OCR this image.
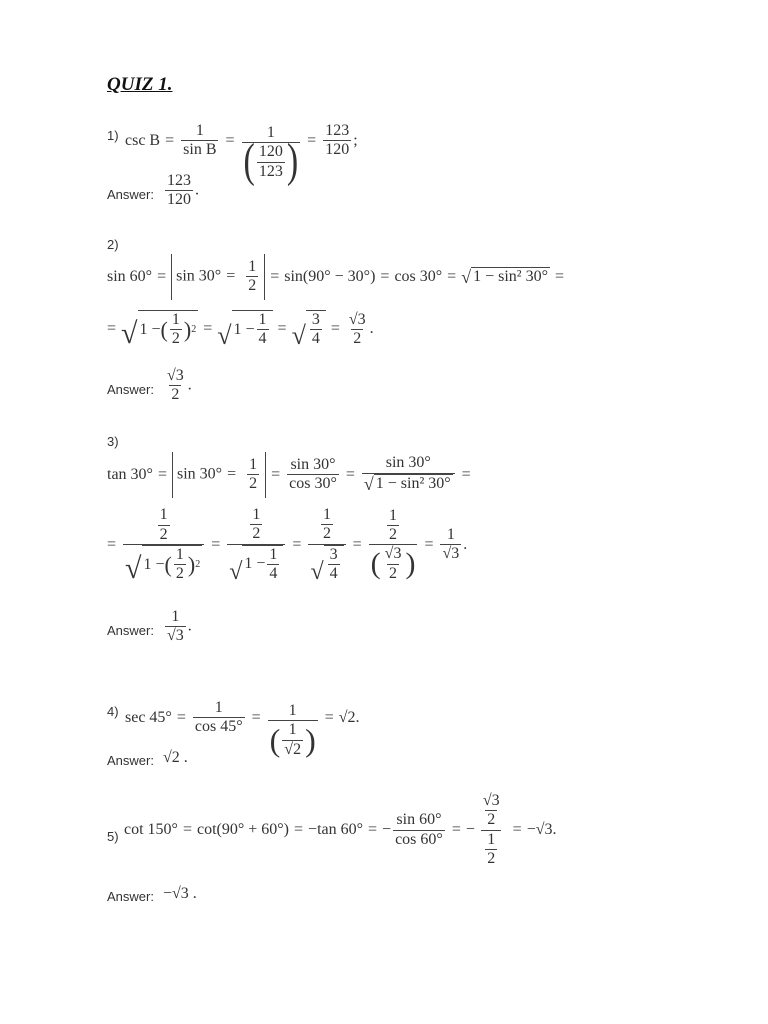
QUIZ 1.
1) $\csc B = \frac{1}{\text{sin B}} = \frac{1}{( \frac{120}{123} )} = \frac{123}{120}$ ;
Answer: $\frac{123}{120}$ .
2)
$\sin 60^\circ = \sin 30^\circ = \frac{1}{2} = \sin(90^\circ - 30^\circ) = \cos 30^\circ$ = √ 1 − sin² 30° =
= √ 1 − ( $\frac{1}{2}$ ) 2 = √ $1 - \frac{1}{4}$ = √ $\frac{3}{4} = \frac{√3}{2}$ .
Answer: $\frac{√3}{2}$ .
3)
$\tan 30^\circ = \sin 30^\circ = \frac{1}{2} = \frac{\sin 30^\circ}{\cos 30^\circ} = \frac{\sin 30^\circ}{\text{√ 1 − sin² 30°}}$ =
= $\frac{\frac{1}{2}}{√ 1 - ( \frac{1}{2} ) 2} = \frac{\frac{1}{2}}{√ 1 - \frac{1}{4}} = \frac{\frac{1}{2}}{√ \frac{3}{4}} = \frac{\frac{1}{2}}{( \frac{√3}{2} )} = \frac{1}{√3}$ .
Answer: $\frac{1}{√3}$ .
4) $\sec 45^\circ = \frac{1}{\cos 45^\circ} = \frac{1}{( \frac{1}{√2} )} = √2$.
Answer: √2 .
5) cot 150° = cot(90° + 60°) = −tan 60° = − $\frac{\sin 60^\circ}{\cos 60^\circ}$ = − $\frac{\frac{√3}{2}}{\frac{1}{2}} = -√3$.
Answer: −√3 .
